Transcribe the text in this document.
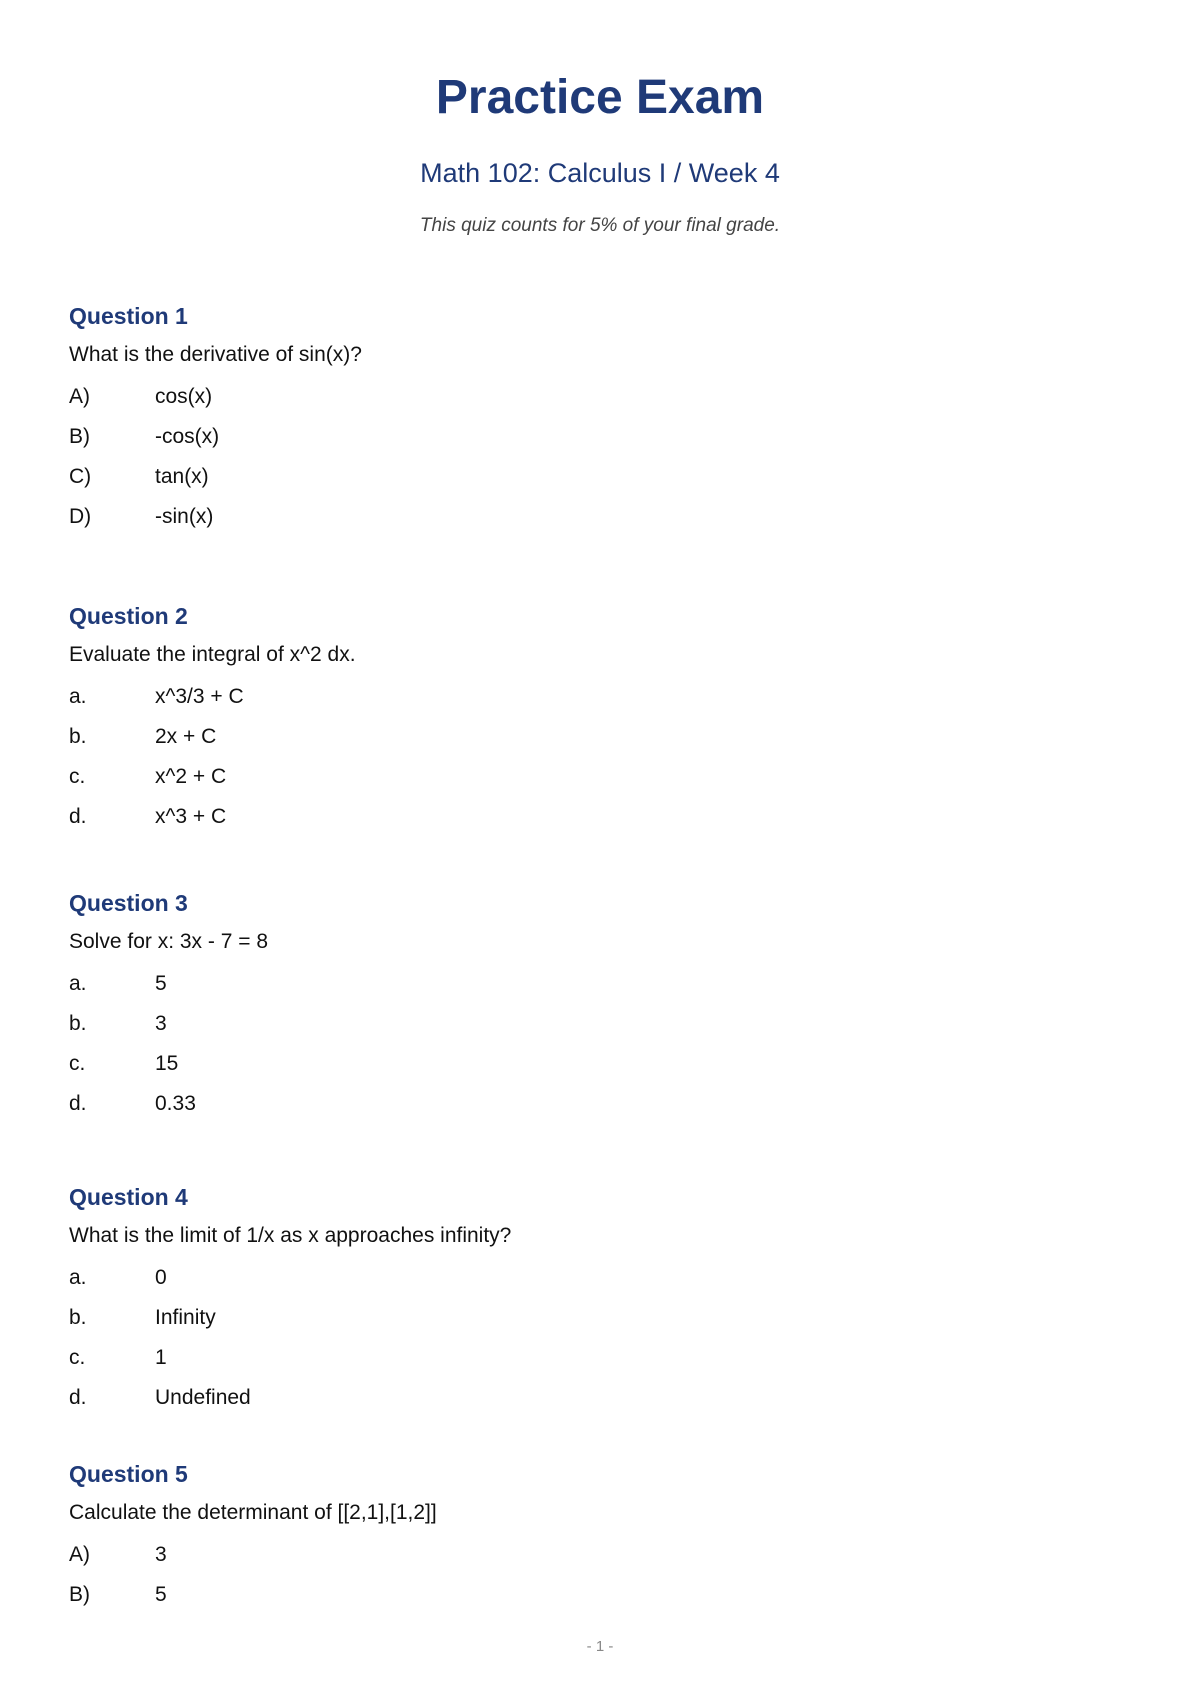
Practice Exam
Math 102: Calculus I / Week 4
This quiz counts for 5% of your final grade.

Question 1

What is the derivative of sin(x)?

A)	cos(x)
B)	-cos(x)
C)	tan(x)
D)	-sin(x)

Question 2

Evaluate the integral of x^2 dx.

a.	x^3/3 + C
b.	2x + C
c.	x^2 + C
d.	x^3 + C

Question 3

Solve for x: 3x - 7 = 8

a.	5
b.	3
c.	15
d.	0.33

Question 4

What is the limit of 1/x as x approaches infinity?

a.	0
b.	Infinity
c.	1
d.	Undefined

Question 5

Calculate the determinant of [[2,1],[1,2]]

A)	3
B)	5
- 1 -
